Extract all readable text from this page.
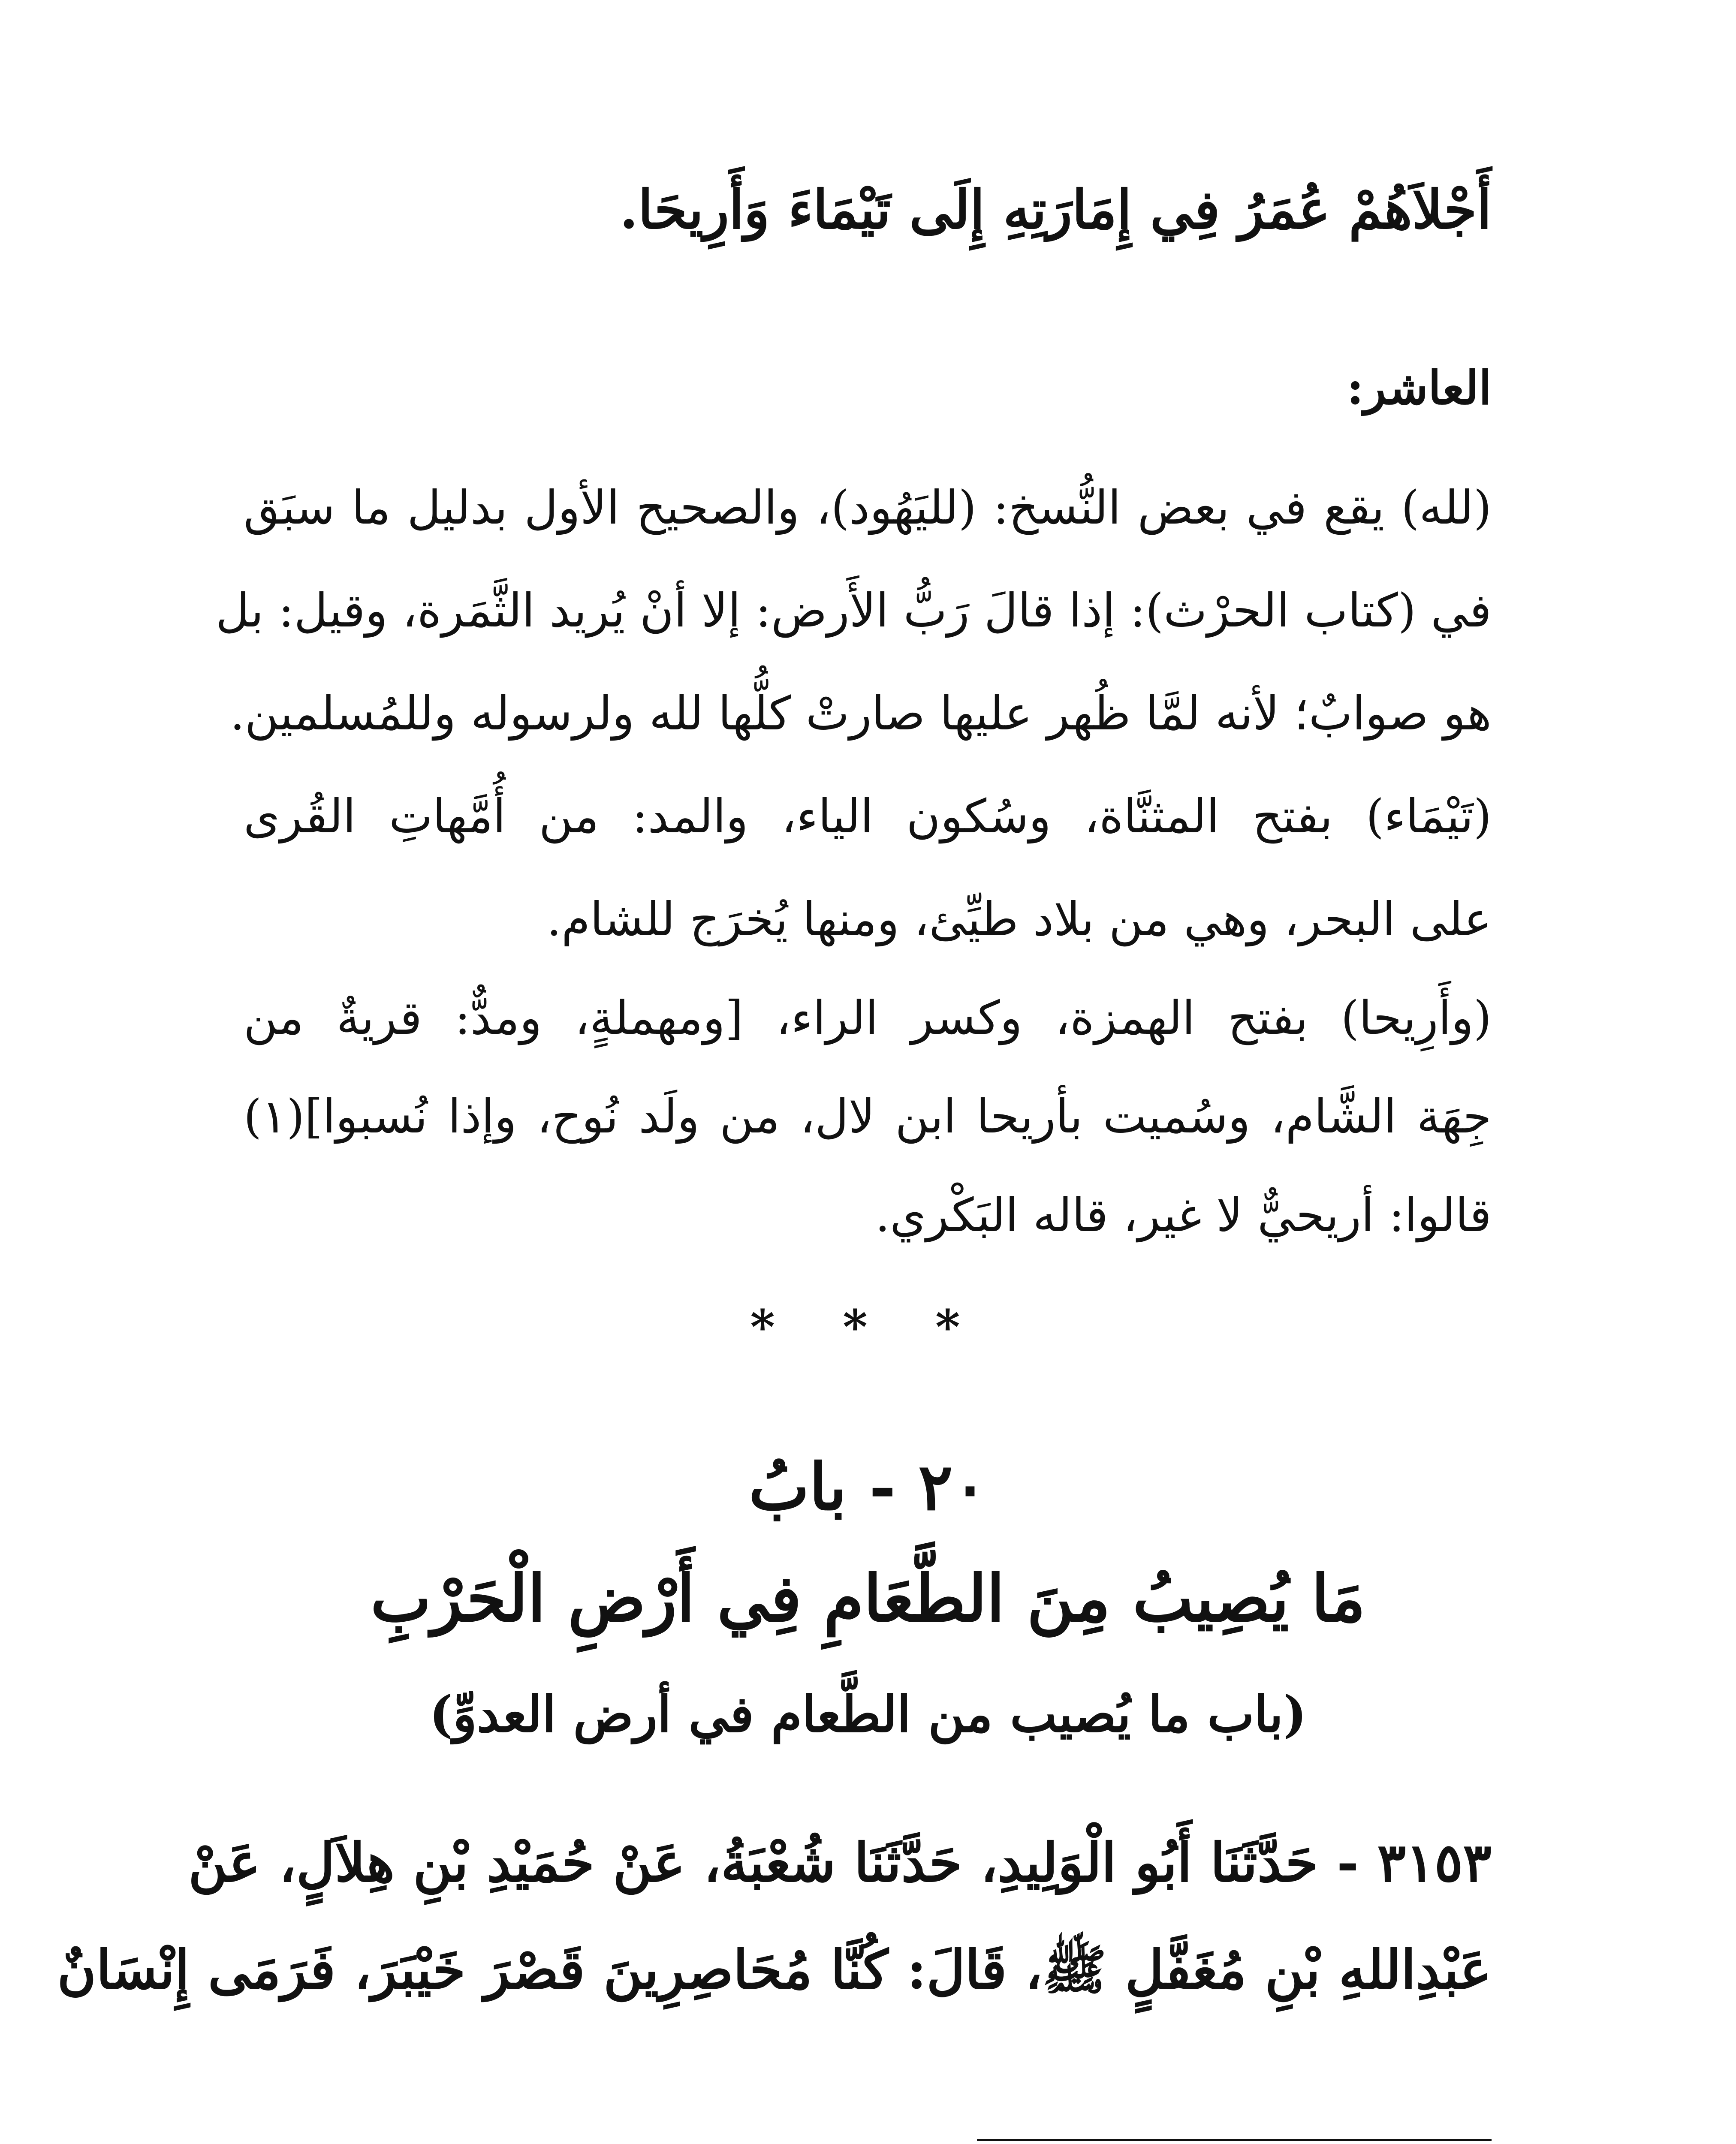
أَجْلاَهُمْ عُمَرُ فِي إِمَارَتِهِ إِلَى تَيْمَاءَ وَأَرِيحَا.
العاشر:
(لله) يقع في بعض النُّسخ: (لليَهُود)، والصحيح الأول بدليل ما سبَق
في (كتاب الحرْث): إذا قالَ رَبُّ الأَرض: إلا أنْ يُريد الثَّمَرة، وقيل: بل
هو صوابٌ؛ لأنه لمَّا ظُهر عليها صارتْ كلُّها لله ولرسوله وللمُسلمين.
(تَيْمَاء) بفتح المثنَّاة، وسُكون الياء، والمد: من أُمَّهاتِ القُرى
على البحر، وهي من بلاد طيِّئ، ومنها يُخرَج للشام.
(وأَرِيحا) بفتح الهمزة، وكسر الراء، [ومهملةٍ، ومدٌّ: قريةٌ من
جِهَة الشَّام، وسُميت بأريحا ابن لال، من ولَد نُوح، وإذا نُسبوا](١)
قالوا: أريحيٌّ لا غير، قاله البَكْري.
* * *
٢٠ - بابُ
مَا يُصِيبُ مِنَ الطَّعَامِ فِي أَرْضِ الْحَرْبِ
(باب ما يُصيب من الطَّعام في أرض العدوِّ)
٣١٥٣ - حَدَّثَنَا أَبُو الْوَلِيدِ، حَدَّثَنَا شُعْبَةُ، عَنْ حُمَيْدِ بْنِ هِلاَلٍ، عَنْ
عَبْدِاللهِ بْنِ مُغَفَّلٍ ﷺ، قَالَ: كُنَّا مُحَاصِرِينَ قَصْرَ خَيْبَرَ، فَرَمَى إِنْسَانٌ
